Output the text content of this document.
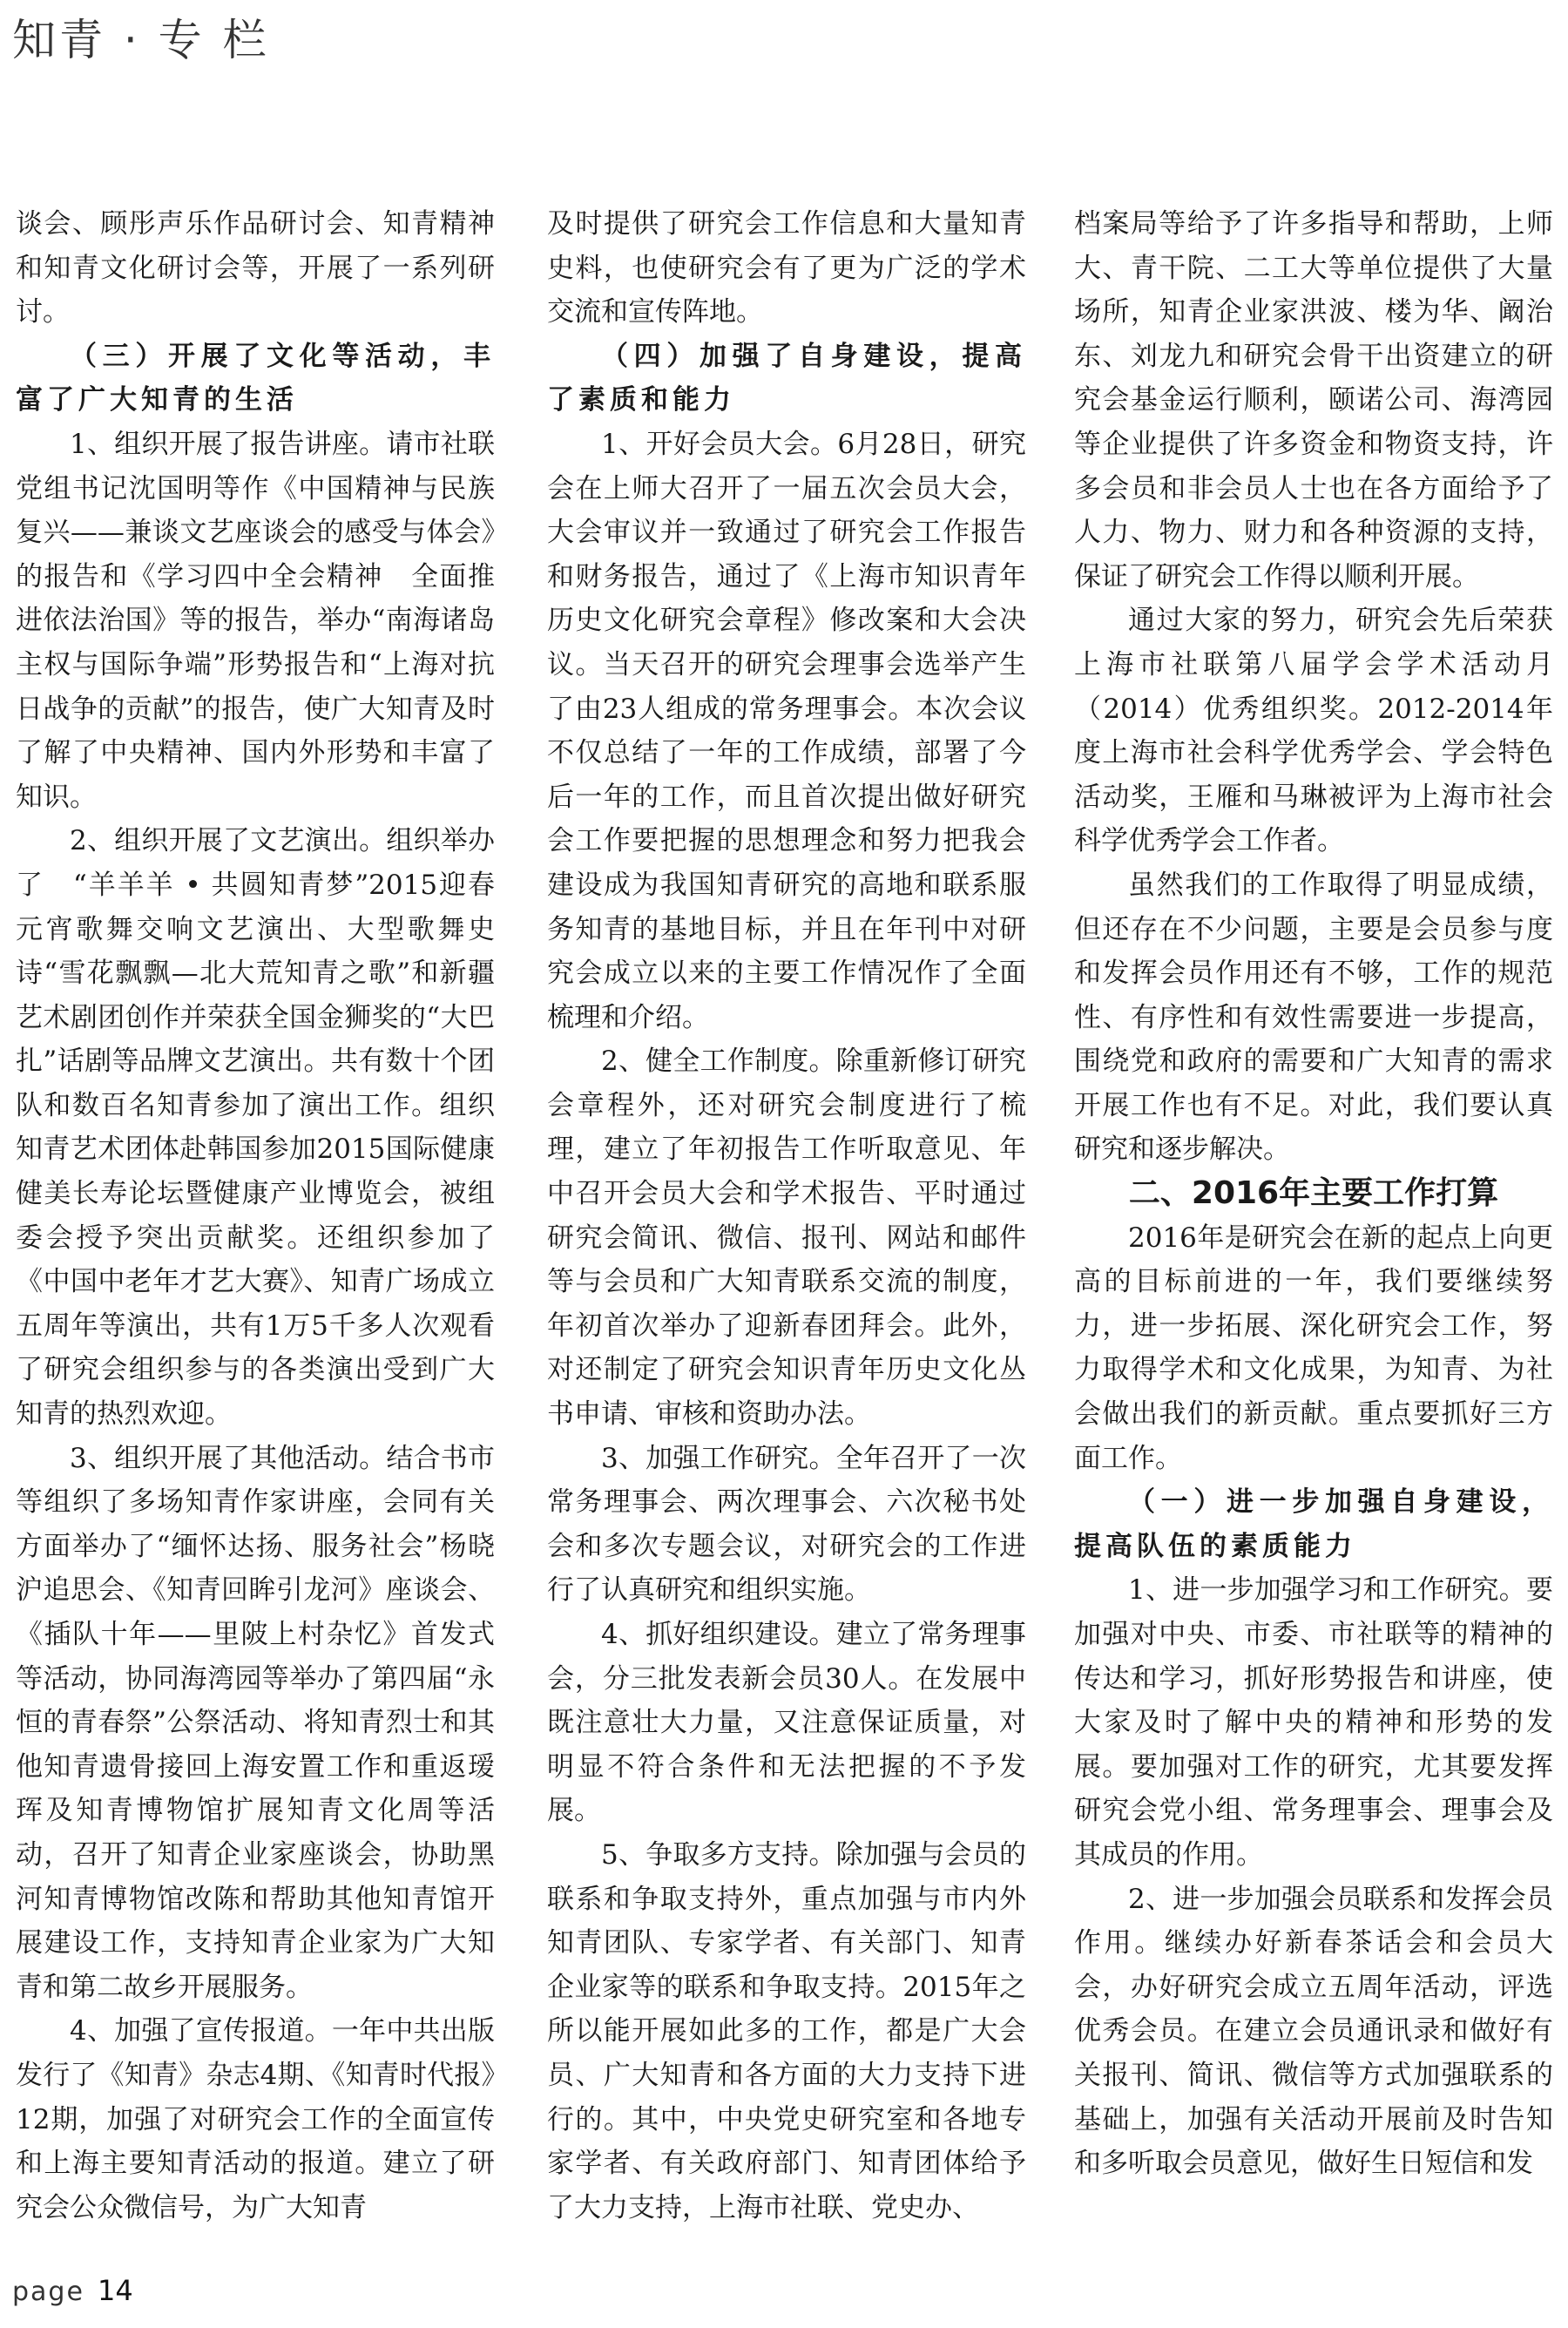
知青 · 专 栏

谈会、顾彤声乐作品研讨会、知青精神和知青文化研讨会等，开展了一系列研讨。

（三）开展了文化等活动，丰富了广大知青的生活

1、组织开展了报告讲座。请市社联党组书记沈国明等作《中国精神与民族复兴——兼谈文艺座谈会的感受与体会》的报告和《学习四中全会精神　全面推进依法治国》等的报告，举办“南海诸岛主权与国际争端”形势报告和“上海对抗日战争的贡献”的报告，使广大知青及时了解了中央精神、国内外形势和丰富了知识。

2、组织开展了文艺演出。组织举办了　“羊羊羊 • 共圆知青梦”2015迎春元宵歌舞交响文艺演出、大型歌舞史诗“雪花飘飘—北大荒知青之歌”和新疆艺术剧团创作并荣获全国金狮奖的“大巴扎”话剧等品牌文艺演出。共有数十个团队和数百名知青参加了演出工作。组织知青艺术团体赴韩国参加2015国际健康健美长寿论坛暨健康产业博览会，被组委会授予突出贡献奖。还组织参加了《中国中老年才艺大赛》、知青广场成立五周年等演出，共有1万5千多人次观看了研究会组织参与的各类演出受到广大知青的热烈欢迎。

3、组织开展了其他活动。结合书市等组织了多场知青作家讲座，会同有关方面举办了“缅怀达扬、服务社会”杨晓沪追思会、《知青回眸引龙河》座谈会、《插队十年——里陂上村杂忆》首发式等活动，协同海湾园等举办了第四届“永恒的青春祭”公祭活动、将知青烈士和其他知青遗骨接回上海安置工作和重返瑷珲及知青博物馆扩展知青文化周等活动，召开了知青企业家座谈会，协助黑河知青博物馆改陈和帮助其他知青馆开展建设工作，支持知青企业家为广大知青和第二故乡开展服务。

4、加强了宣传报道。一年中共出版发行了《知青》杂志4期、《知青时代报》12期，加强了对研究会工作的全面宣传和上海主要知青活动的报道。建立了研究会公众微信号，为广大知青

及时提供了研究会工作信息和大量知青史料，也使研究会有了更为广泛的学术交流和宣传阵地。

（四）加强了自身建设，提高了素质和能力

1、开好会员大会。6月28日，研究会在上师大召开了一届五次会员大会，大会审议并一致通过了研究会工作报告和财务报告，通过了《上海市知识青年历史文化研究会章程》修改案和大会决议。当天召开的研究会理事会选举产生了由23人组成的常务理事会。本次会议不仅总结了一年的工作成绩，部署了今后一年的工作，而且首次提出做好研究会工作要把握的思想理念和努力把我会建设成为我国知青研究的高地和联系服务知青的基地目标，并且在年刊中对研究会成立以来的主要工作情况作了全面梳理和介绍。

2、健全工作制度。除重新修订研究会章程外，还对研究会制度进行了梳理，建立了年初报告工作听取意见、年中召开会员大会和学术报告、平时通过研究会简讯、微信、报刊、网站和邮件等与会员和广大知青联系交流的制度，年初首次举办了迎新春团拜会。此外，对还制定了研究会知识青年历史文化丛书申请、审核和资助办法。

3、加强工作研究。全年召开了一次常务理事会、两次理事会、六次秘书处会和多次专题会议，对研究会的工作进行了认真研究和组织实施。

4、抓好组织建设。建立了常务理事会，分三批发表新会员30人。在发展中既注意壮大力量，又注意保证质量，对明显不符合条件和无法把握的不予发展。

5、争取多方支持。除加强与会员的联系和争取支持外，重点加强与市内外知青团队、专家学者、有关部门、知青企业家等的联系和争取支持。2015年之所以能开展如此多的工作，都是广大会员、广大知青和各方面的大力支持下进行的。其中，中央党史研究室和各地专家学者、有关政府部门、知青团体给予了大力支持，上海市社联、党史办、

档案局等给予了许多指导和帮助，上师大、青干院、二工大等单位提供了大量场所，知青企业家洪波、楼为华、阚治东、刘龙九和研究会骨干出资建立的研究会基金运行顺利，颐诺公司、海湾园等企业提供了许多资金和物资支持，许多会员和非会员人士也在各方面给予了人力、物力、财力和各种资源的支持，保证了研究会工作得以顺利开展。

通过大家的努力，研究会先后荣获上海市社联第八届学会学术活动月（2014）优秀组织奖。2012-2014年度上海市社会科学优秀学会、学会特色活动奖，王雁和马琳被评为上海市社会科学优秀学会工作者。

虽然我们的工作取得了明显成绩，但还存在不少问题，主要是会员参与度和发挥会员作用还有不够，工作的规范性、有序性和有效性需要进一步提高，围绕党和政府的需要和广大知青的需求开展工作也有不足。对此，我们要认真研究和逐步解决。

二、2016年主要工作打算

2016年是研究会在新的起点上向更高的目标前进的一年，我们要继续努力，进一步拓展、深化研究会工作，努力取得学术和文化成果，为知青、为社会做出我们的新贡献。重点要抓好三方面工作。

（一）进一步加强自身建设，提高队伍的素质能力

1、进一步加强学习和工作研究。要加强对中央、市委、市社联等的精神的传达和学习，抓好形势报告和讲座，使大家及时了解中央的精神和形势的发展。要加强对工作的研究，尤其要发挥研究会党小组、常务理事会、理事会及其成员的作用。

2、进一步加强会员联系和发挥会员作用。继续办好新春茶话会和会员大会，办好研究会成立五周年活动，评选优秀会员。在建立会员通讯录和做好有关报刊、简讯、微信等方式加强联系的基础上，加强有关活动开展前及时告知和多听取会员意见，做好生日短信和发

page 14
